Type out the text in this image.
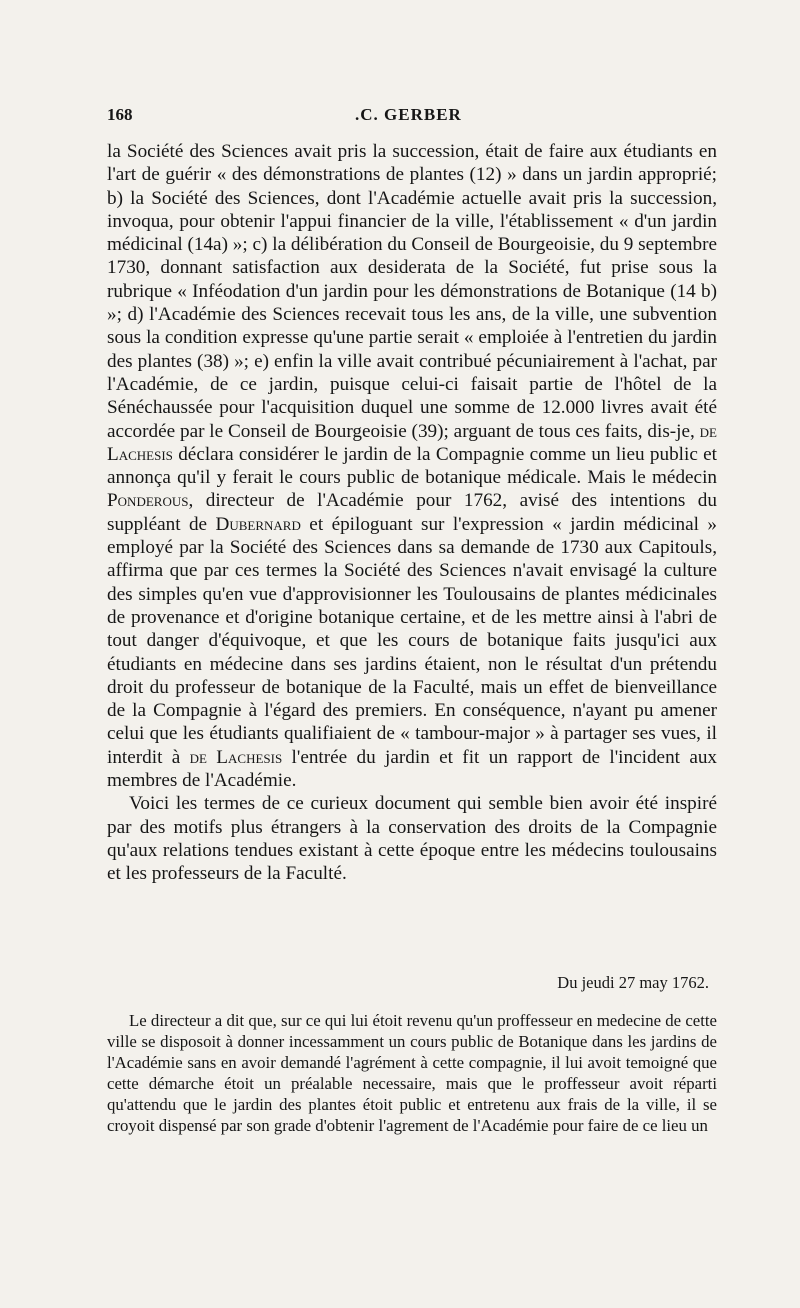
168	.C. GERBER

la Société des Sciences avait pris la succession, était de faire aux étudiants en l'art de guérir « des démonstrations de plantes (12) » dans un jardin approprié; b) la Société des Sciences, dont l'Académie actuelle avait pris la succession, invoqua, pour obtenir l'appui financier de la ville, l'établissement « d'un jardin médicinal (14a) »; c) la délibération du Conseil de Bourgeoisie, du 9 septembre 1730, donnant satisfaction aux desiderata de la Société, fut prise sous la rubrique « Inféodation d'un jardin pour les démonstrations de Botanique (14 b) »; d) l'Académie des Sciences recevait tous les ans, de la ville, une subvention sous la condition expresse qu'une partie serait « emploiée à l'entretien du jardin des plantes (38) »; e) enfin la ville avait contribué pécuniairement à l'achat, par l'Académie, de ce jardin, puisque celui-ci faisait partie de l'hôtel de la Sénéchaussée pour l'acquisition duquel une somme de 12.000 livres avait été accordée par le Conseil de Bourgeoisie (39); arguant de tous ces faits, dis-je, de Lachesis déclara considérer le jardin de la Compagnie comme un lieu public et annonça qu'il y ferait le cours public de botanique médicale. Mais le médecin Ponderous, directeur de l'Académie pour 1762, avisé des intentions du suppléant de Dubernard et épiloguant sur l'expression « jardin médicinal » employé par la Société des Sciences dans sa demande de 1730 aux Capitouls, affirma que par ces termes la Société des Sciences n'avait envisagé la culture des simples qu'en vue d'approvisionner les Toulousains de plantes médicinales de provenance et d'origine botanique certaine, et de les mettre ainsi à l'abri de tout danger d'équivoque, et que les cours de botanique faits jusqu'ici aux étudiants en médecine dans ses jardins étaient, non le résultat d'un prétendu droit du professeur de botanique de la Faculté, mais un effet de bienveillance de la Compagnie à l'égard des premiers. En conséquence, n'ayant pu amener celui que les étudiants qualifiaient de « tambour-major » à partager ses vues, il interdit à de Lachesis l'entrée du jardin et fit un rapport de l'incident aux membres de l'Académie.

Voici les termes de ce curieux document qui semble bien avoir été inspiré par des motifs plus étrangers à la conservation des droits de la Compagnie qu'aux relations tendues existant à cette époque entre les médecins toulousains et les professeurs de la Faculté.

Du jeudi 27 may 1762.

Le directeur a dit que, sur ce qui lui étoit revenu qu'un proffesseur en medecine de cette ville se disposoit à donner incessamment un cours public de Botanique dans les jardins de l'Académie sans en avoir demandé l'agrément à cette compagnie, il lui avoit temoigné que cette démarche étoit un préalable necessaire, mais que le proffesseur avoit réparti qu'attendu que le jardin des plantes étoit public et entretenu aux frais de la ville, il se croyoit dispensé par son grade d'obtenir l'agrement de l'Académie pour faire de ce lieu un
